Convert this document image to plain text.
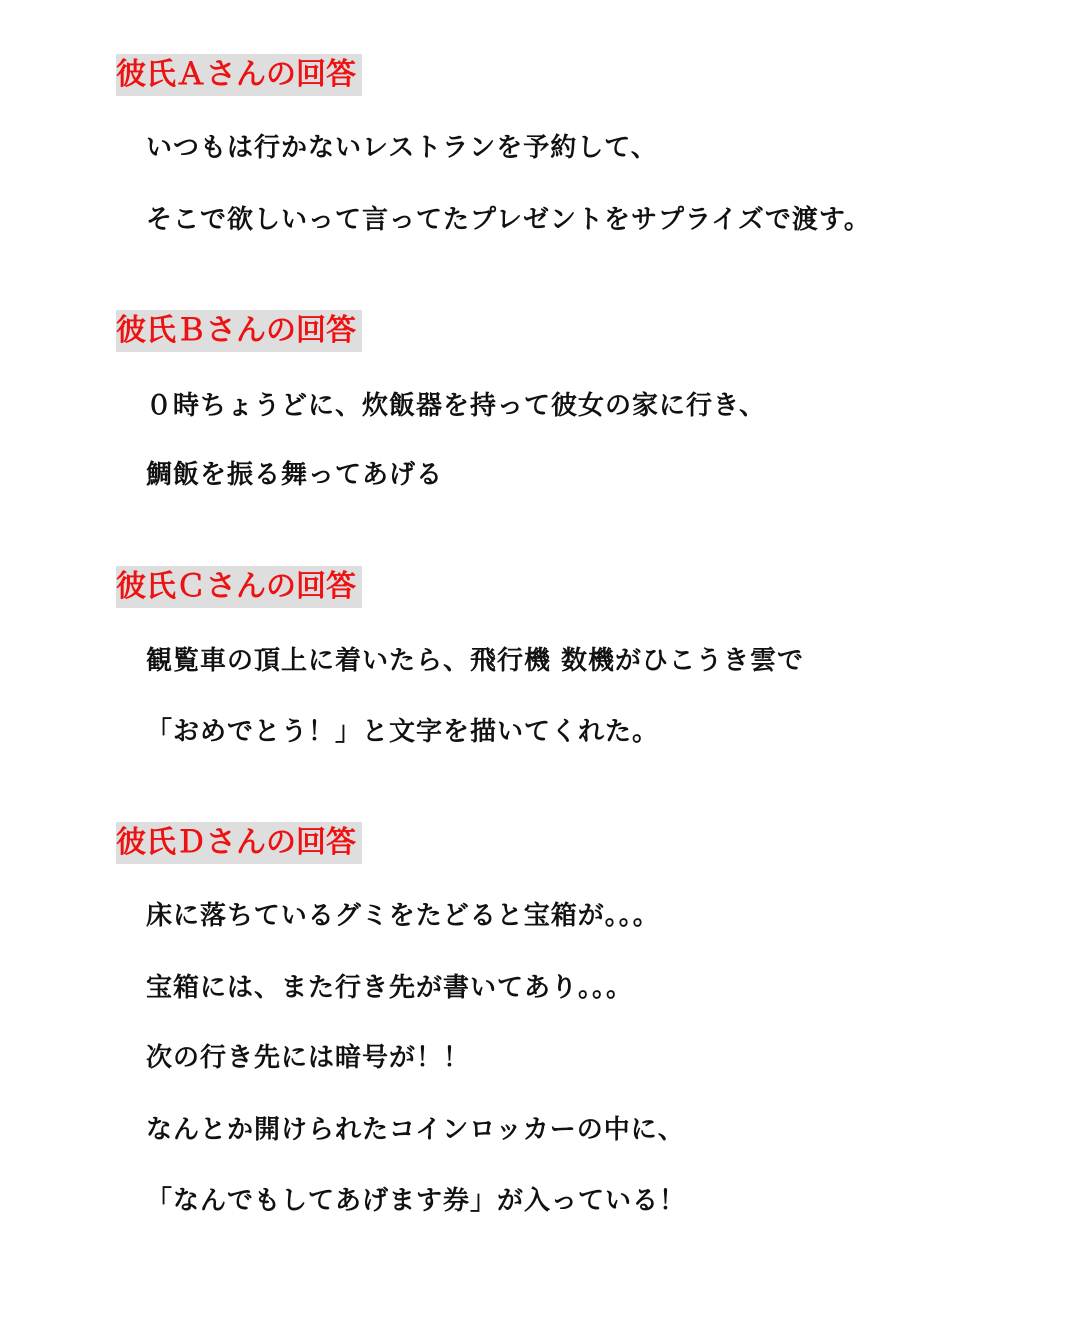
彼氏Ａさんの回答
いつもは行かないレストランを予約して、
そこで欲しいって言ってたプレゼントをサプライズで渡す。
彼氏Ｂさんの回答
０時ちょうどに、炊飯器を持って彼女の家に行き、
鯛飯を振る舞ってあげる
彼氏Ｃさんの回答
観覧車の頂上に着いたら、飛行機 数機がひこうき雲で
「おめでとう！」と文字を描いてくれた。
彼氏Ｄさんの回答
床に落ちているグミをたどると宝箱が。。。
宝箱には、また行き先が書いてあり。。。
次の行き先には暗号が！！
なんとか開けられたコインロッカーの中に、
「なんでもしてあげます券」が入っている！
